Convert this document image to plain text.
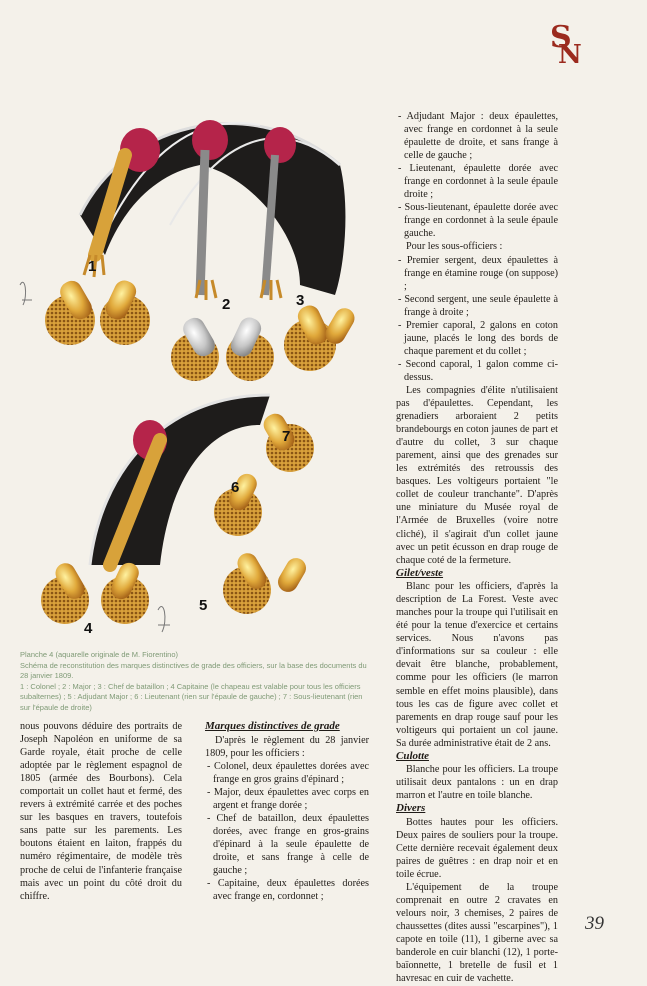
S
N
1
2	3
4
5
6
7
Planche 4 (aquarelle originale de M. Fiorentino)
Schéma de reconstitution des marques distinctives de grade des officiers, sur la base des documents du
28 janvier 1809.
1 : Colonel ; 2 : Major ; 3 : Chef de bataillon ; 4 Capitaine (le chapeau est valable pour tous les officiers
subalternes) ; 5 : Adjudant Major ; 6 : Lieutenant (rien sur l'épaule de gauche) ; 7 : Sous-lieutenant (rien
sur l'épaule de droite)

nous pouvons déduire des portraits de Joseph Napoléon en uniforme de sa Garde royale, était proche de celle adoptée par le règlement espagnol de 1805 (armée des Bourbons). Cela comportait un collet haut et fermé, des revers à extrémité carrée et des poches sur les basques en travers, toutefois sans patte sur les parements. Les boutons étaient en laiton, frappés du numéro régimentaire, de modèle très proche de celui de l'infanterie française mais avec un point du côté droit du chiffre.

Marques distinctives de grade

D'après le règlement du 28 janvier 1809, pour les officiers :

- Colonel, deux épaulettes dorées avec frange en gros grains d'épinard ;

- Major, deux épaulettes avec corps en argent et frange dorée ;

- Chef de bataillon, deux épaulettes dorées, avec frange en gros-grains d'épinard à la seule épaulette de droite, et sans frange à celle de gauche ;

- Capitaine, deux épaulettes dorées avec frange en, cordonnet ;

- Adjudant Major : deux épaulettes, avec frange en cordonnet à la seule épaulette de droite, et sans frange à celle de gauche ;

- Lieutenant, épaulette dorée avec frange en cordonnet à la seule épaule droite ;

- Sous-lieutenant, épaulette dorée avec frange en cordonnet à la seule épaule gauche.

Pour les sous-officiers :

- Premier sergent, deux épaulettes à frange en étamine rouge (on suppose) ;

- Second sergent, une seule épaulette à frange à droite ;

- Premier caporal, 2 galons en coton jaune, placés le long des bords de chaque parement et du collet ;

- Second caporal, 1 galon comme ci-dessus.

Les compagnies d'élite n'utilisaient pas d'épaulettes. Cependant, les grenadiers arboraient 2 petits brandebourgs en coton jaunes de part et d'autre du collet, 3 sur chaque parement, ainsi que des grenades sur les extrémités des retroussis des basques. Les voltigeurs portaient "le collet de couleur tranchante". D'après une miniature du Musée royal de l'Armée de Bruxelles (voire notre cliché), il s'agirait d'un collet jaune avec un petit écusson en drap rouge de chaque coté de la fermeture.

Gilet/veste

Blanc pour les officiers, d'après la description de La Forest. Veste avec manches pour la troupe qui l'utilisait en été pour la tenue d'exercice et certains services. Nous n'avons pas d'informations sur sa couleur : elle devait être blanche, probablement, comme pour les officiers (le marron semble en effet moins plausible), dans tous les cas de figure avec collet et parements en drap rouge sauf pour les voltigeurs qui portaient un col jaune. Sa durée administrative était de 2 ans.

Culotte

Blanche pour les officiers. La troupe utilisait deux pantalons : un en drap marron et l'autre en toile blanche.

Divers

Bottes hautes pour les officiers. Deux paires de souliers pour la troupe. Cette dernière recevait également deux paires de guêtres : en drap noir et en toile écrue.

L'équipement de la troupe comprenait en outre 2 cravates en velours noir, 3 chemises, 2 paires de chaussettes (dites aussi "escarpines"), 1 capote en toile (11), 1 giberne avec sa banderole en cuir blanchi (12), 1 porte-baïonnette, 1 bretelle de fusil et 1 havresac en cuir de vachette.

39
